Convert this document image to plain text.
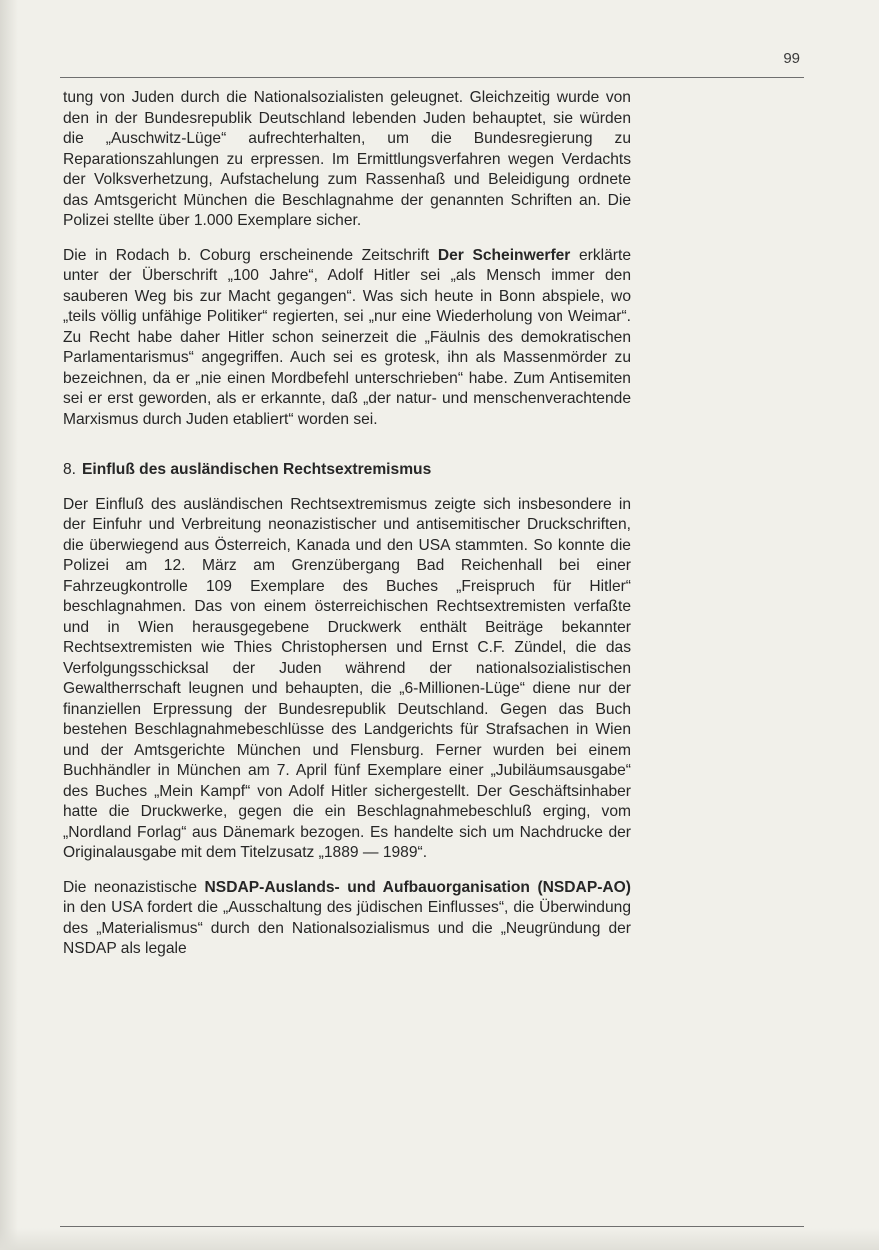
99

tung von Juden durch die Nationalsozialisten geleugnet. Gleichzeitig wurde von den in der Bundesrepublik Deutschland lebenden Juden behauptet, sie würden die „Auschwitz-Lüge“ aufrechterhalten, um die Bundesregierung zu Reparationszahlungen zu erpressen. Im Ermittlungsverfahren wegen Verdachts der Volksverhetzung, Aufstachelung zum Rassenhaß und Beleidigung ordnete das Amtsgericht München die Beschlagnahme der genannten Schriften an. Die Polizei stellte über 1.000 Exemplare sicher.

Die in Rodach b. Coburg erscheinende Zeitschrift Der Scheinwerfer erklärte unter der Überschrift „100 Jahre“, Adolf Hitler sei „als Mensch immer den sauberen Weg bis zur Macht gegangen“. Was sich heute in Bonn abspiele, wo „teils völlig unfähige Politiker“ regierten, sei „nur eine Wiederholung von Weimar“. Zu Recht habe daher Hitler schon seinerzeit die „Fäulnis des demokratischen Parlamentarismus“ angegriffen. Auch sei es grotesk, ihn als Massenmörder zu bezeichnen, da er „nie einen Mordbefehl unterschrieben“ habe. Zum Antisemiten sei er erst geworden, als er erkannte, daß „der natur- und menschenverachtende Marxismus durch Juden etabliert“ worden sei.

8. Einfluß des ausländischen Rechtsextremismus

Der Einfluß des ausländischen Rechtsextremismus zeigte sich insbesondere in der Einfuhr und Verbreitung neonazistischer und antisemitischer Druckschriften, die überwiegend aus Österreich, Kanada und den USA stammten. So konnte die Polizei am 12. März am Grenzübergang Bad Reichenhall bei einer Fahrzeugkontrolle 109 Exemplare des Buches „Freispruch für Hitler“ beschlagnahmen. Das von einem österreichischen Rechtsextremisten verfaßte und in Wien herausgegebene Druckwerk enthält Beiträge bekannter Rechtsextremisten wie Thies Christophersen und Ernst C.F. Zündel, die das Verfolgungsschicksal der Juden während der nationalsozialistischen Gewaltherrschaft leugnen und behaupten, die „6-Millionen-Lüge“ diene nur der finanziellen Erpressung der Bundesrepublik Deutschland. Gegen das Buch bestehen Beschlagnahmebeschlüsse des Landgerichts für Strafsachen in Wien und der Amtsgerichte München und Flensburg. Ferner wurden bei einem Buchhändler in München am 7. April fünf Exemplare einer „Jubiläumsausgabe“ des Buches „Mein Kampf“ von Adolf Hitler sichergestellt. Der Geschäftsinhaber hatte die Druckwerke, gegen die ein Beschlagnahmebeschluß erging, vom „Nordland Forlag“ aus Dänemark bezogen. Es handelte sich um Nachdrucke der Originalausgabe mit dem Titelzusatz „1889 — 1989“.

Die neonazistische NSDAP-Auslands- und Aufbauorganisation (NSDAP-AO) in den USA fordert die „Ausschaltung des jüdischen Einflusses“, die Überwindung des „Materialismus“ durch den Nationalsozialismus und die „Neugründung der NSDAP als legale
